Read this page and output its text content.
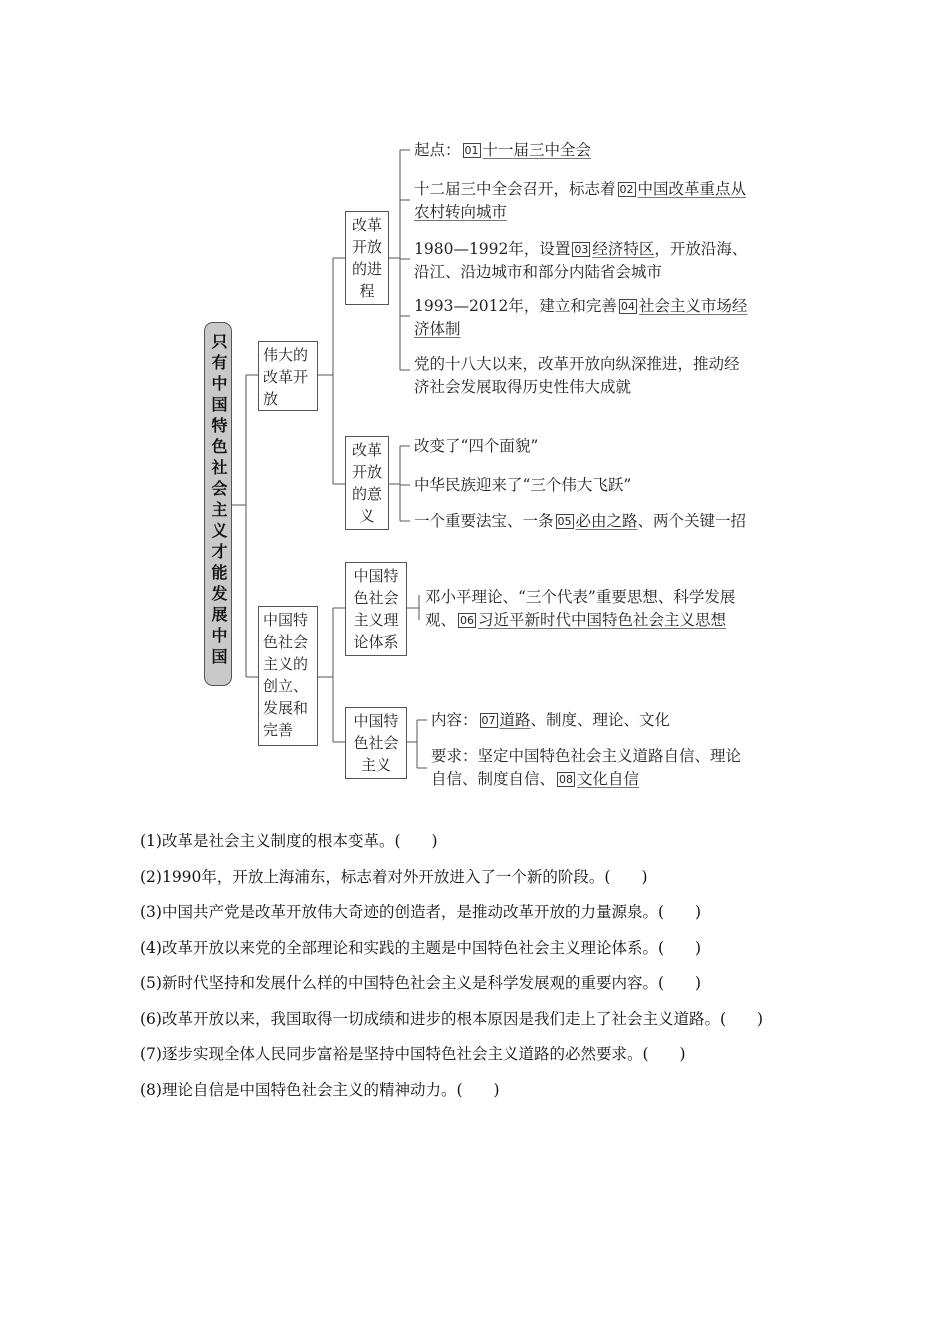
只有中国特色社会主义才能发展中国	伟大的改革开放
中国特色社会主义的创立、发展和完善
改革开放的进程
改革开放的意义
中国特色社会主义理论体系
中国特色社会主义
起点： 01 十一届三中全会
十二届三中全会召开，标志着 02 中国改革重点从农村转向城市
1980—1992年，设置 03 经济特区，开放沿海、沿江、沿边城市和部分内陆省会城市
1993—2012年，建立和完善 04 社会主义市场经济体制
党的十八大以来，改革开放向纵深推进，推动经济社会发展取得历史性伟大成就
改变了“四个面貌”
中华民族迎来了“三个伟大飞跃”
一个重要法宝、一条 05 必由之路、两个关键一招
邓小平理论、“三个代表”重要思想、科学发展观、 06 习近平新时代中国特色社会主义思想
内容： 07 道路、制度、理论、文化
要求：坚定中国特色社会主义道路自信、理论自信、制度自信、 08 文化自信
(1)改革是社会主义制度的根本变革。(　　)
(2)1990年，开放上海浦东，标志着对外开放进入了一个新的阶段。(　　)
(3)中国共产党是改革开放伟大奇迹的创造者，是推动改革开放的力量源泉。(　　)
(4)改革开放以来党的全部理论和实践的主题是中国特色社会主义理论体系。(　　)
(5)新时代坚持和发展什么样的中国特色社会主义是科学发展观的重要内容。(　　)
(6)改革开放以来，我国取得一切成绩和进步的根本原因是我们走上了社会主义道路。(　　)
(7)逐步实现全体人民同步富裕是坚持中国特色社会主义道路的必然要求。(　　)
(8)理论自信是中国特色社会主义的精神动力。(　　)
